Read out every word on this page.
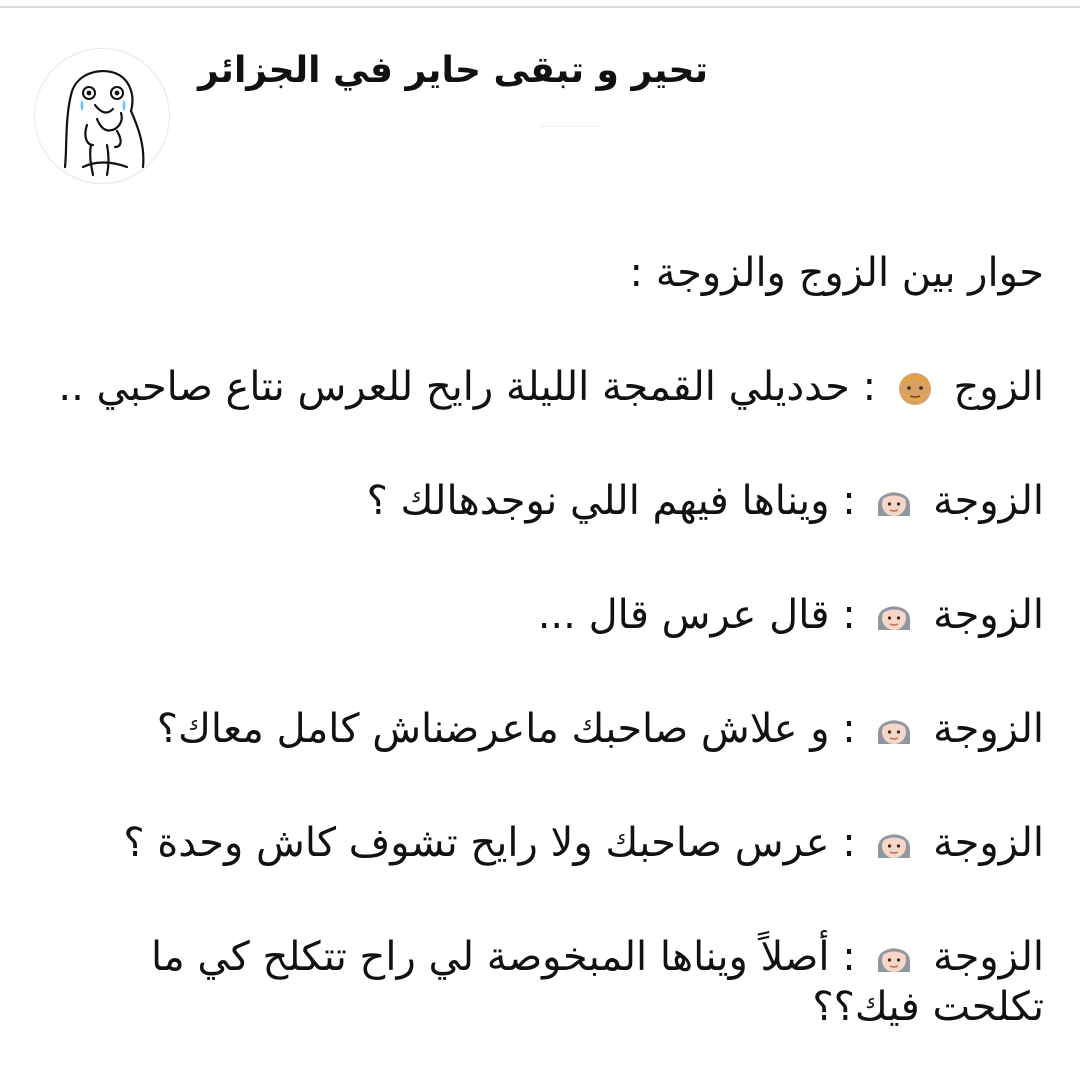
تحير و تبقى حاير في الجزائر

حوار بين الزوج والزوجة :

الزوج
: حدديلي القمجة الليلة رايح للعرس نتاع صاحبي ..

الزوجة
: ويناها فيهم اللي نوجدهالك ؟

الزوجة
: قال عرس قال ...

الزوجة
: و علاش صاحبك ماعرضناش كامل معاك؟

الزوجة
: عرس صاحبك ولا رايح تشوف كاش وحدة ؟

الزوجة
: أصلاً ويناها المبخوصة لي راح تتكلح كي ما تكلحت فيك؟؟
